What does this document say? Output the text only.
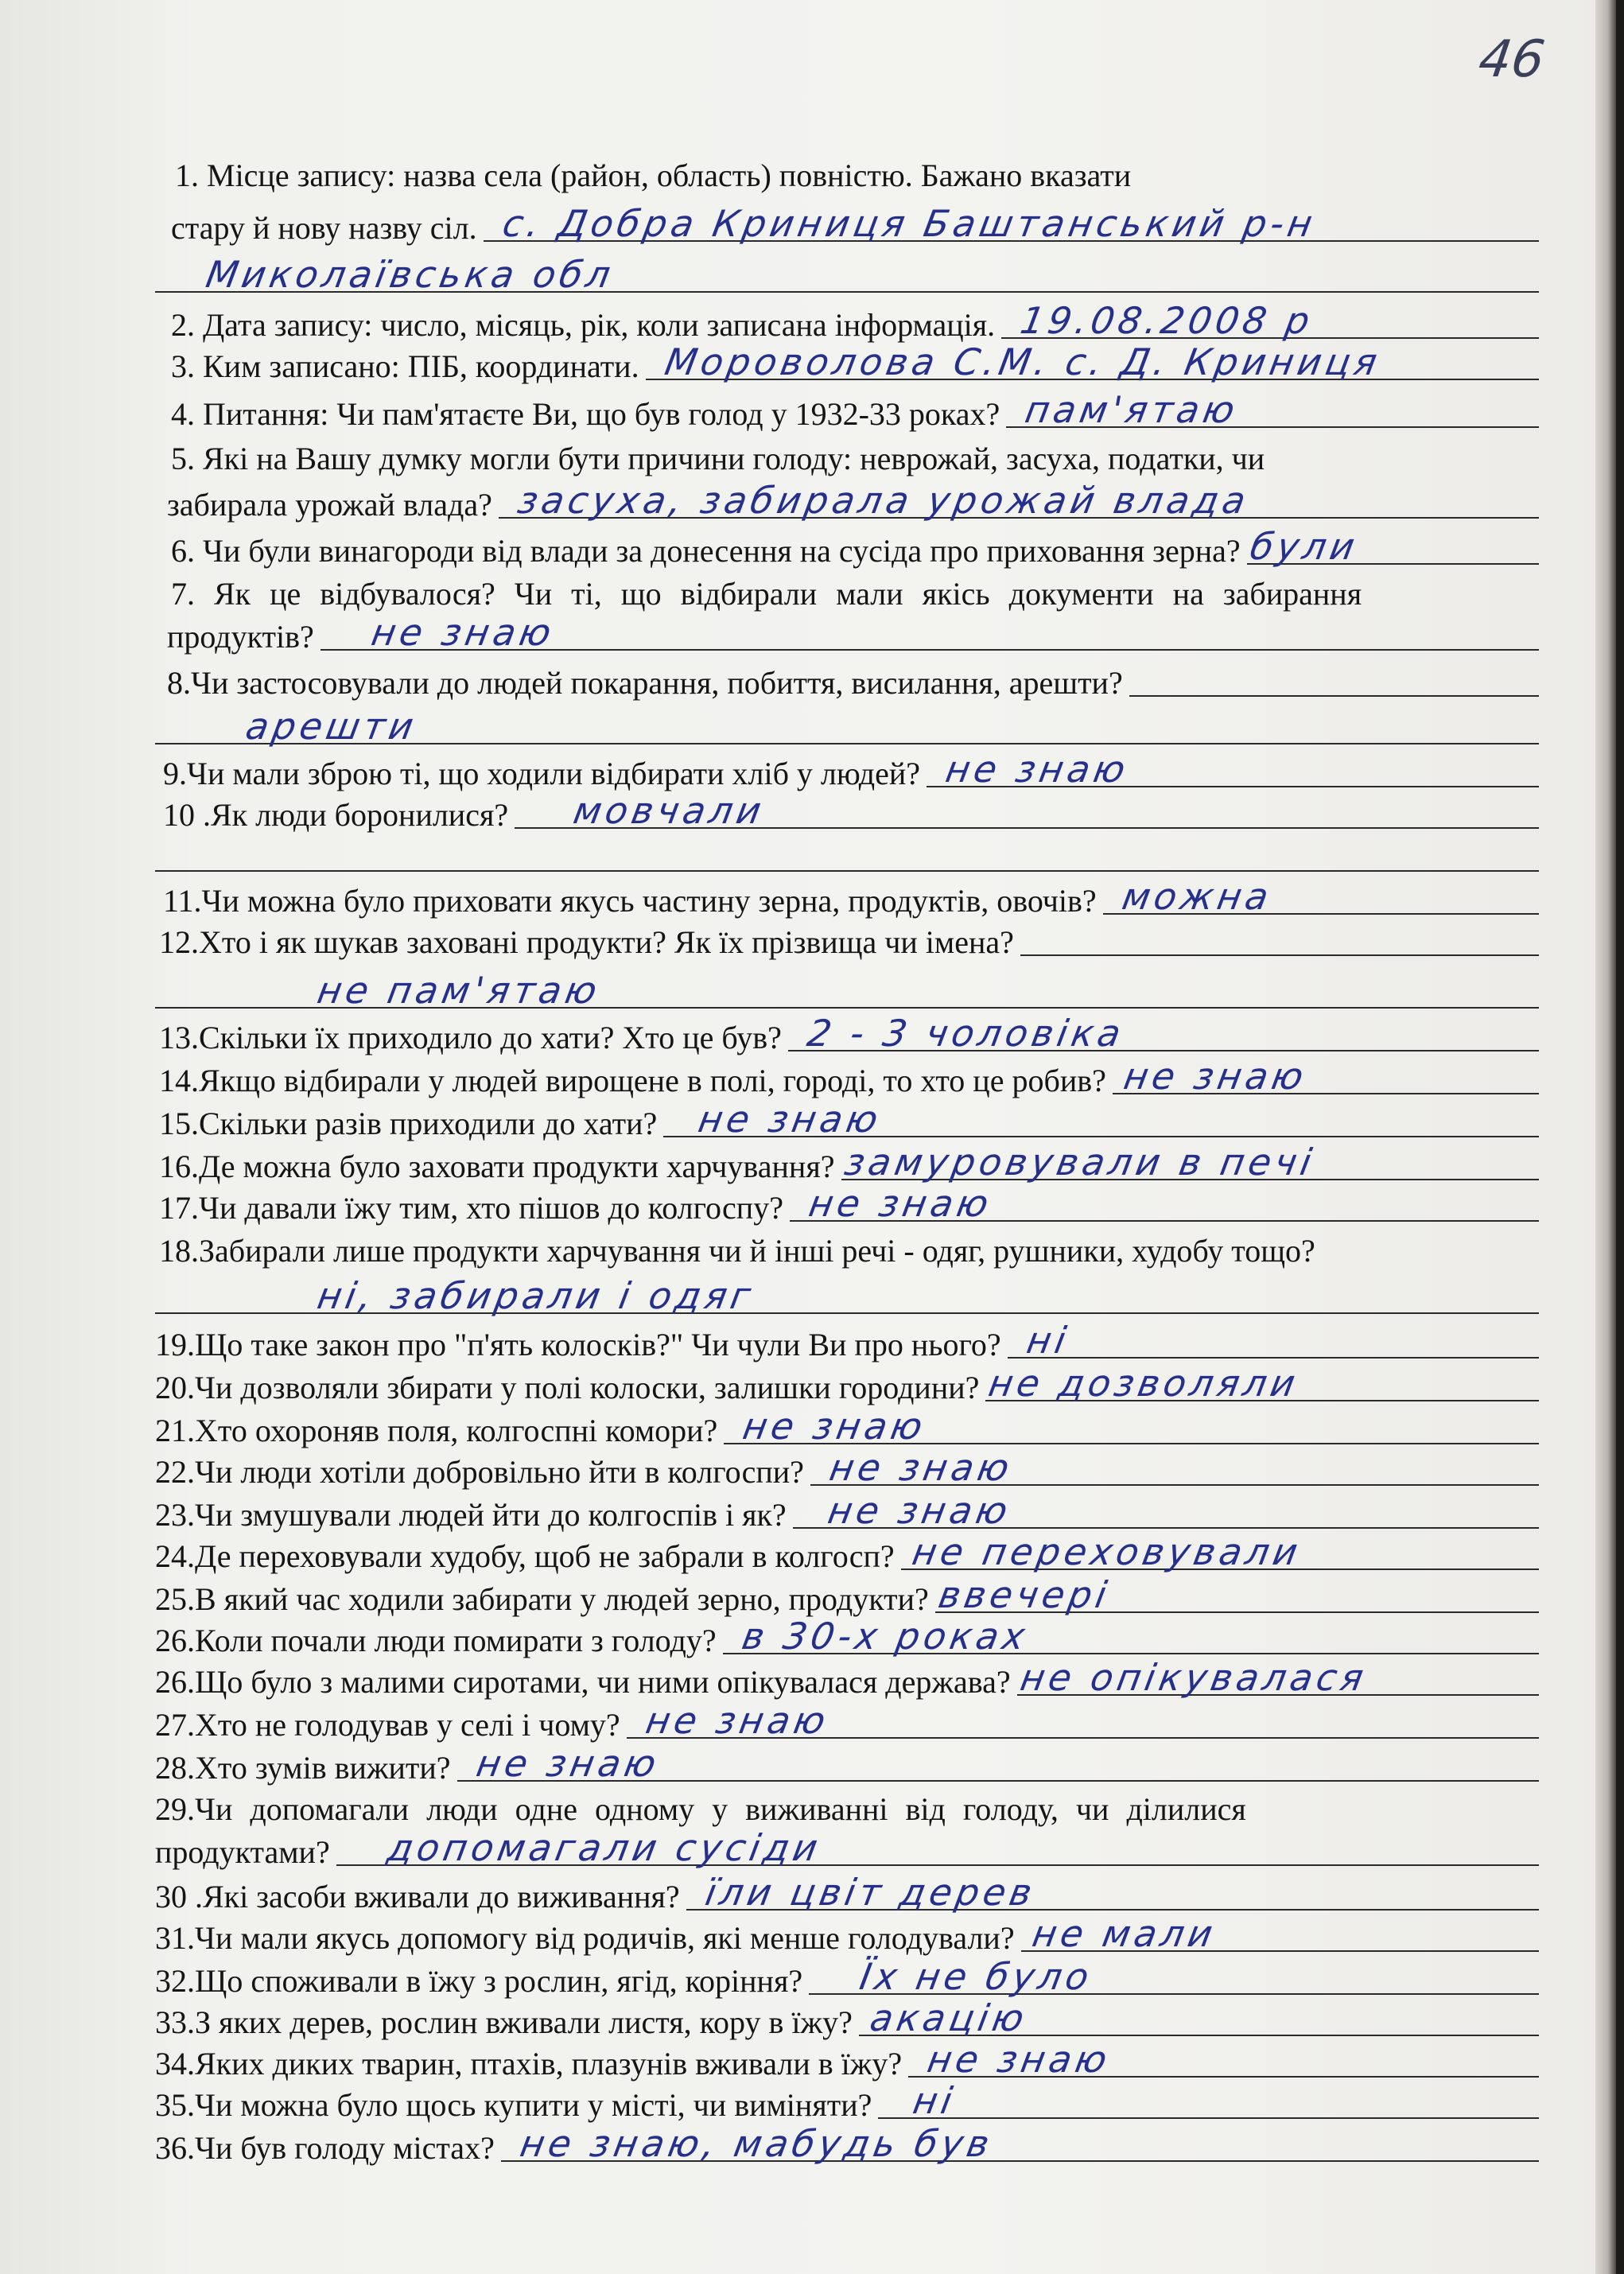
46
1. Місце запису: назва села (район, область) повністю. Бажано вказати
стару й нову назву сіл. с. Добра Криниця Баштанський р-н
Миколаївська обл
2. Дата запису: число, місяць, рік, коли записана інформація. 19.08.2008 р
3. Ким записано: ПІБ, координати. Мороволова С.М. с. Д. Криниця
4. Питання: Чи пам'ятаєте Ви, що був голод у 1932-33 роках? пам'ятаю
5. Які на Вашу думку могли бути причини голоду: неврожай, засуха, податки, чи
забирала урожай влада? засуха, забирала урожай влада
6. Чи були винагороди від влади за донесення на сусіда про приховання зерна? були
7. Як це відбувалося? Чи ті, що відбирали мали якісь документи на забирання
продуктів? не знаю
8.Чи застосовували до людей покарання, побиття, висилання, арешти?
арешти
9.Чи мали зброю ті, що ходили відбирати хліб у людей? не знаю
10 .Як люди боронилися? мовчали
11.Чи можна було приховати якусь частину зерна, продуктів, овочів? можна
12.Хто і як шукав заховані продукти? Як їх прізвища чи імена?
не пам'ятаю
13.Скільки їх приходило до хати? Хто це був? 2 - 3 чоловіка
14.Якщо відбирали у людей вирощене в полі, городі, то хто це робив? не знаю
15.Скільки разів приходили до хати? не знаю
16.Де можна було заховати продукти харчування? замуровували в печі
17.Чи давали їжу тим, хто пішов до колгоспу? не знаю
18.Забирали лише продукти харчування чи й інші речі - одяг, рушники, худобу тощо?
ні, забирали і одяг
19.Що таке закон про "п'ять колосків?" Чи чули Ви про нього? ні
20.Чи дозволяли збирати у полі колоски, залишки городини? не дозволяли
21.Хто охороняв поля, колгоспні комори? не знаю
22.Чи люди хотіли добровільно йти в колгоспи? не знаю
23.Чи змушували людей йти до колгоспів і як? не знаю
24.Де переховували худобу, щоб не забрали в колгосп? не переховували
25.В який час ходили забирати у людей зерно, продукти? ввечері
26.Коли почали люди помирати з голоду? в 30-х роках
26.Що було з малими сиротами, чи ними опікувалася держава? не опікувалася
27.Хто не голодував у селі і чому? не знаю
28.Хто зумів вижити? не знаю
29.Чи допомагали люди одне одному у виживанні від голоду, чи ділилися
продуктами? допомагали сусіди
30 .Які засоби вживали до виживання? їли цвіт дерев
31.Чи мали якусь допомогу від родичів, які менше голодували? не мали
32.Що споживали в їжу з рослин, ягід, коріння? Їх не було
33.З яких дерев, рослин вживали листя, кору в їжу? акацію
34.Яких диких тварин, птахів, плазунів вживали в їжу? не знаю
35.Чи можна було щось купити у місті, чи виміняти? ні
36.Чи був голоду містах? не знаю, мабудь був
